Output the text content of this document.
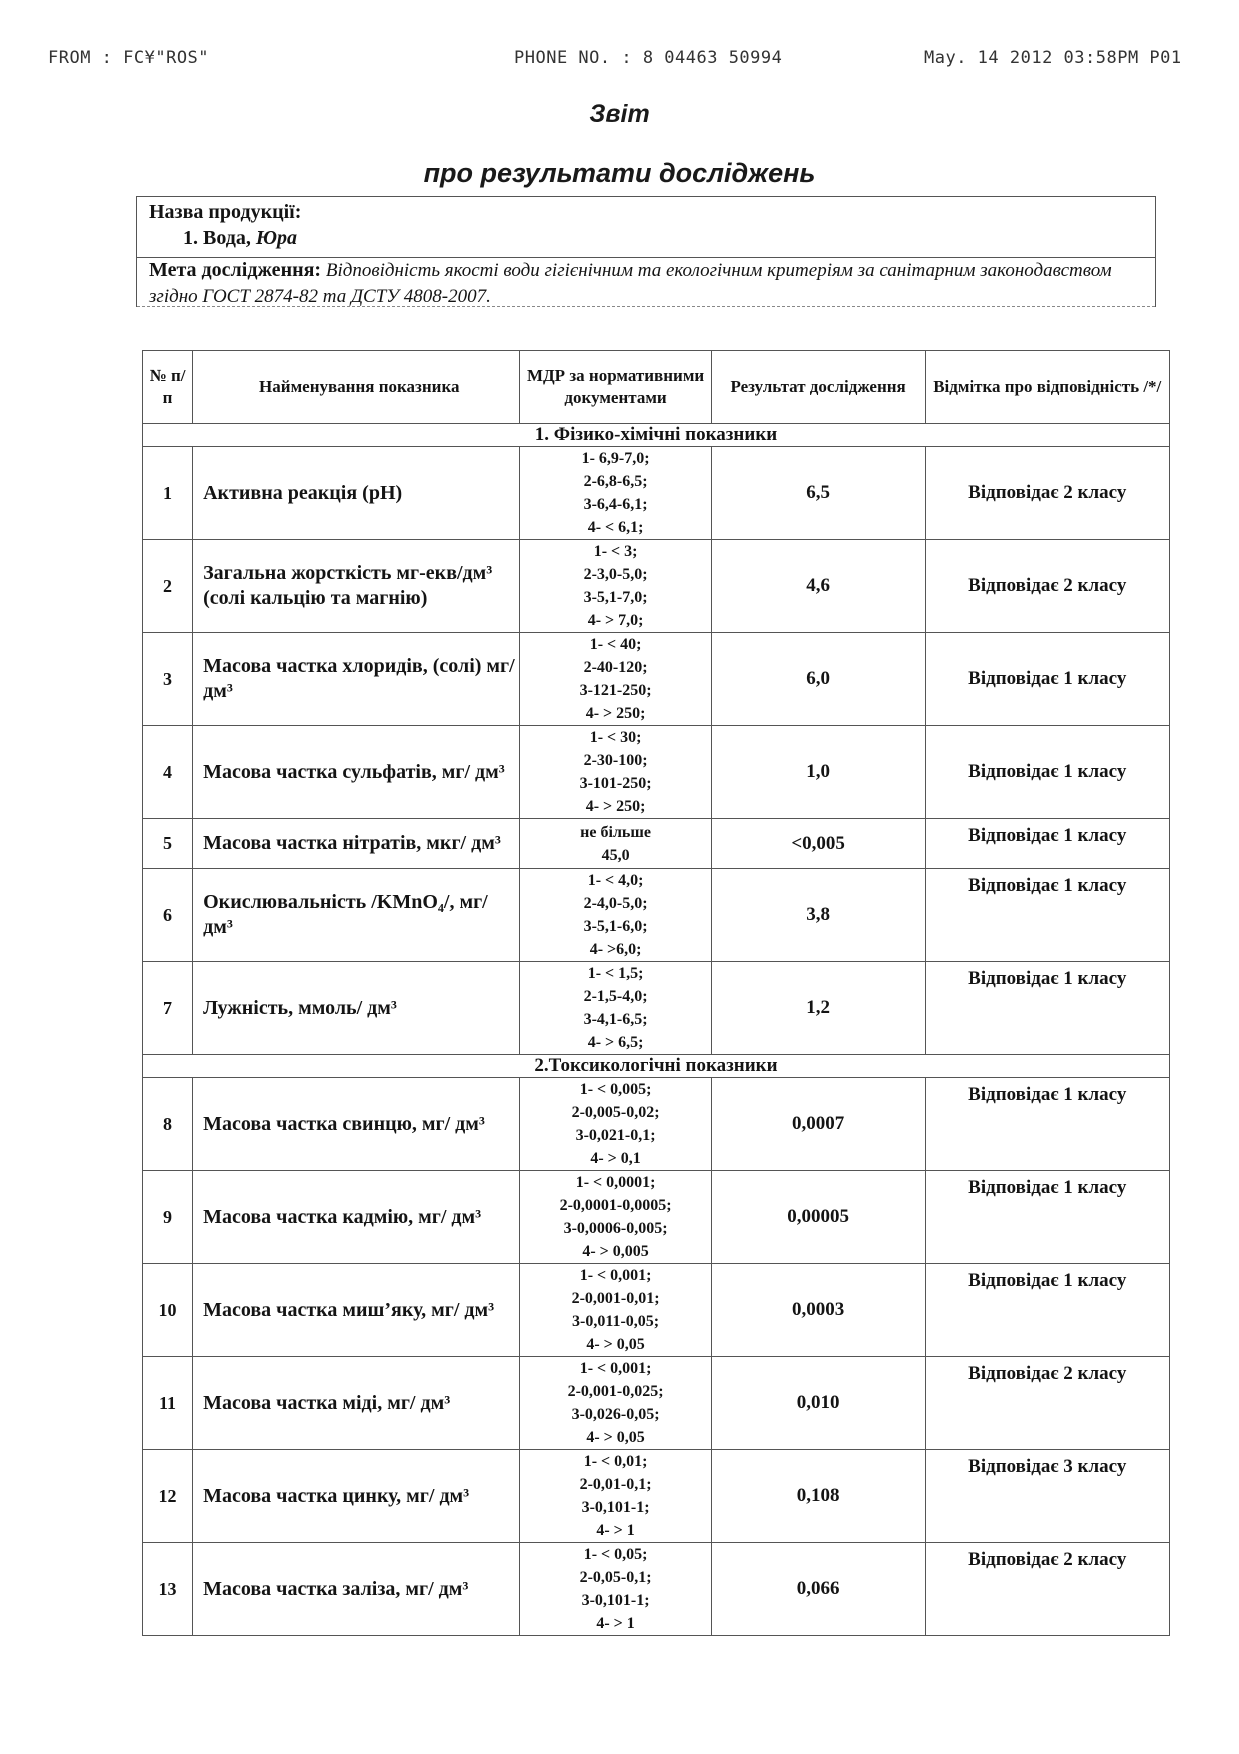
FROM : FC¥"ROS"	PHONE NO. : 8 04463 50994	May. 14 2012 03:58PM P01
Звіт
про результати досліджень
Назва продукції:
1. Вода, Юра
Мета дослідження: Відповідність якості води гігієнічним та екологічним критеріям за санітарним законодавством згідно ГОСТ 2874-82 та ДСТУ 4808-2007.
№ п/п	Найменування показника	МДР за нормативними документами	Результат дослідження	Відмітка про відповідність /*/
1. Фізико-хімічні показники				
1	Активна реакція (pH)	1- 6,9-7,0;
2-6,8-6,5;
3-6,4-6,1;
4- < 6,1;	6,5	Відповідає 2 класу
2	Загальна жорсткість мг-екв/дм³ (солі кальцію та магнію)	1- < 3;
2-3,0-5,0;
3-5,1-7,0;
4- > 7,0;	4,6	Відповідає 2 класу
3	Масова частка хлоридів, (солі) мг/ дм³	1- < 40;
2-40-120;
3-121-250;
4- > 250;	6,0	Відповідає 1 класу
4	Масова частка сульфатів, мг/ дм³	1- < 30;
2-30-100;
3-101-250;
4- > 250;	1,0	Відповідає 1 класу
5	Масова частка нітратів, мкг/ дм³	не більше
45,0	<0,005	Відповідає 1 класу
6	Окислювальність /KMnO₄/, мг/ дм³	1- < 4,0;
2-4,0-5,0;
3-5,1-6,0;
4- >6,0;	3,8	Відповідає 1 класу
7	Лужність, ммоль/ дм³	1- < 1,5;
2-1,5-4,0;
3-4,1-6,5;
4- > 6,5;	1,2	Відповідає 1 класу
2.Токсикологічні показники				
8	Масова частка свинцю, мг/ дм³	1- < 0,005;
2-0,005-0,02;
3-0,021-0,1;
4- > 0,1	0,0007	Відповідає 1 класу
9	Масова частка кадмію, мг/ дм³	1- < 0,0001;
2-0,0001-0,0005;
3-0,0006-0,005;
4- > 0,005	0,00005	Відповідає 1 класу
10	Масова частка миш’яку, мг/ дм³	1- < 0,001;
2-0,001-0,01;
3-0,011-0,05;
4- > 0,05	0,0003	Відповідає 1 класу
11	Масова частка міді, мг/ дм³	1- < 0,001;
2-0,001-0,025;
3-0,026-0,05;
4- > 0,05	0,010	Відповідає 2 класу
12	Масова частка цинку, мг/ дм³	1- < 0,01;
2-0,01-0,1;
3-0,101-1;
4- > 1	0,108	Відповідає 3 класу
13	Масова частка заліза, мг/ дм³	1- < 0,05;
2-0,05-0,1;
3-0,101-1;
4- > 1	0,066	Відповідає 2 класу
